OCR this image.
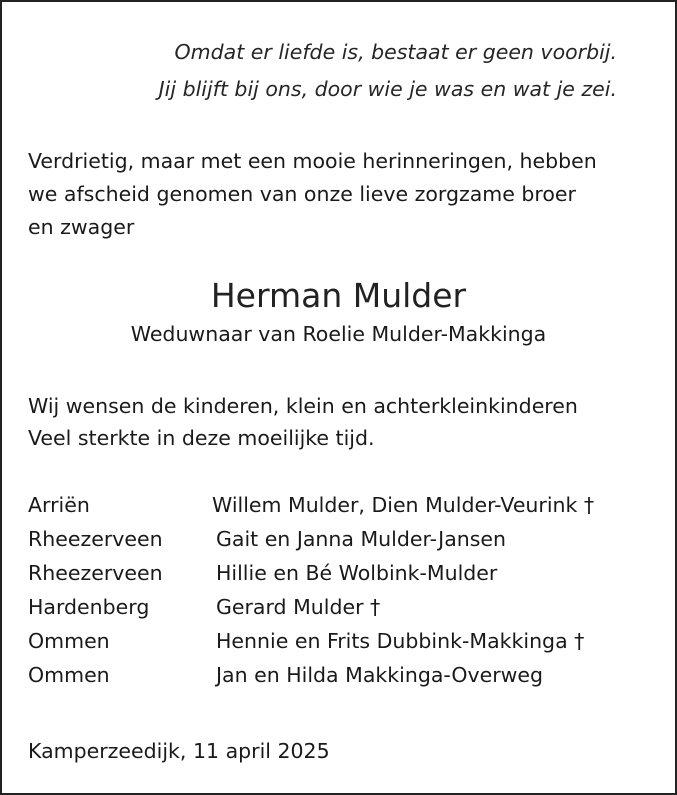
Omdat er liefde is, bestaat er geen voorbij.
Jij blijft bij ons, door wie je was en wat je zei.
Verdrietig, maar met een mooie herinneringen, hebben
we afscheid genomen van onze lieve zorgzame broer
en zwager
Herman Mulder
Weduwnaar van Roelie Mulder-Makkinga
Wij wensen de kinderen, klein en achterkleinkinderen
Veel sterkte in deze moeilijke tijd.
Arriën	Willem Mulder, Dien Mulder-Veurink †
Rheezerveen	Gait en Janna Mulder-Jansen
Rheezerveen	Hillie en Bé Wolbink-Mulder
Hardenberg	Gerard Mulder †
Ommen	Hennie en Frits Dubbink-Makkinga †
Ommen	Jan en Hilda Makkinga-Overweg
Kamperzeedijk, 11 april 2025
